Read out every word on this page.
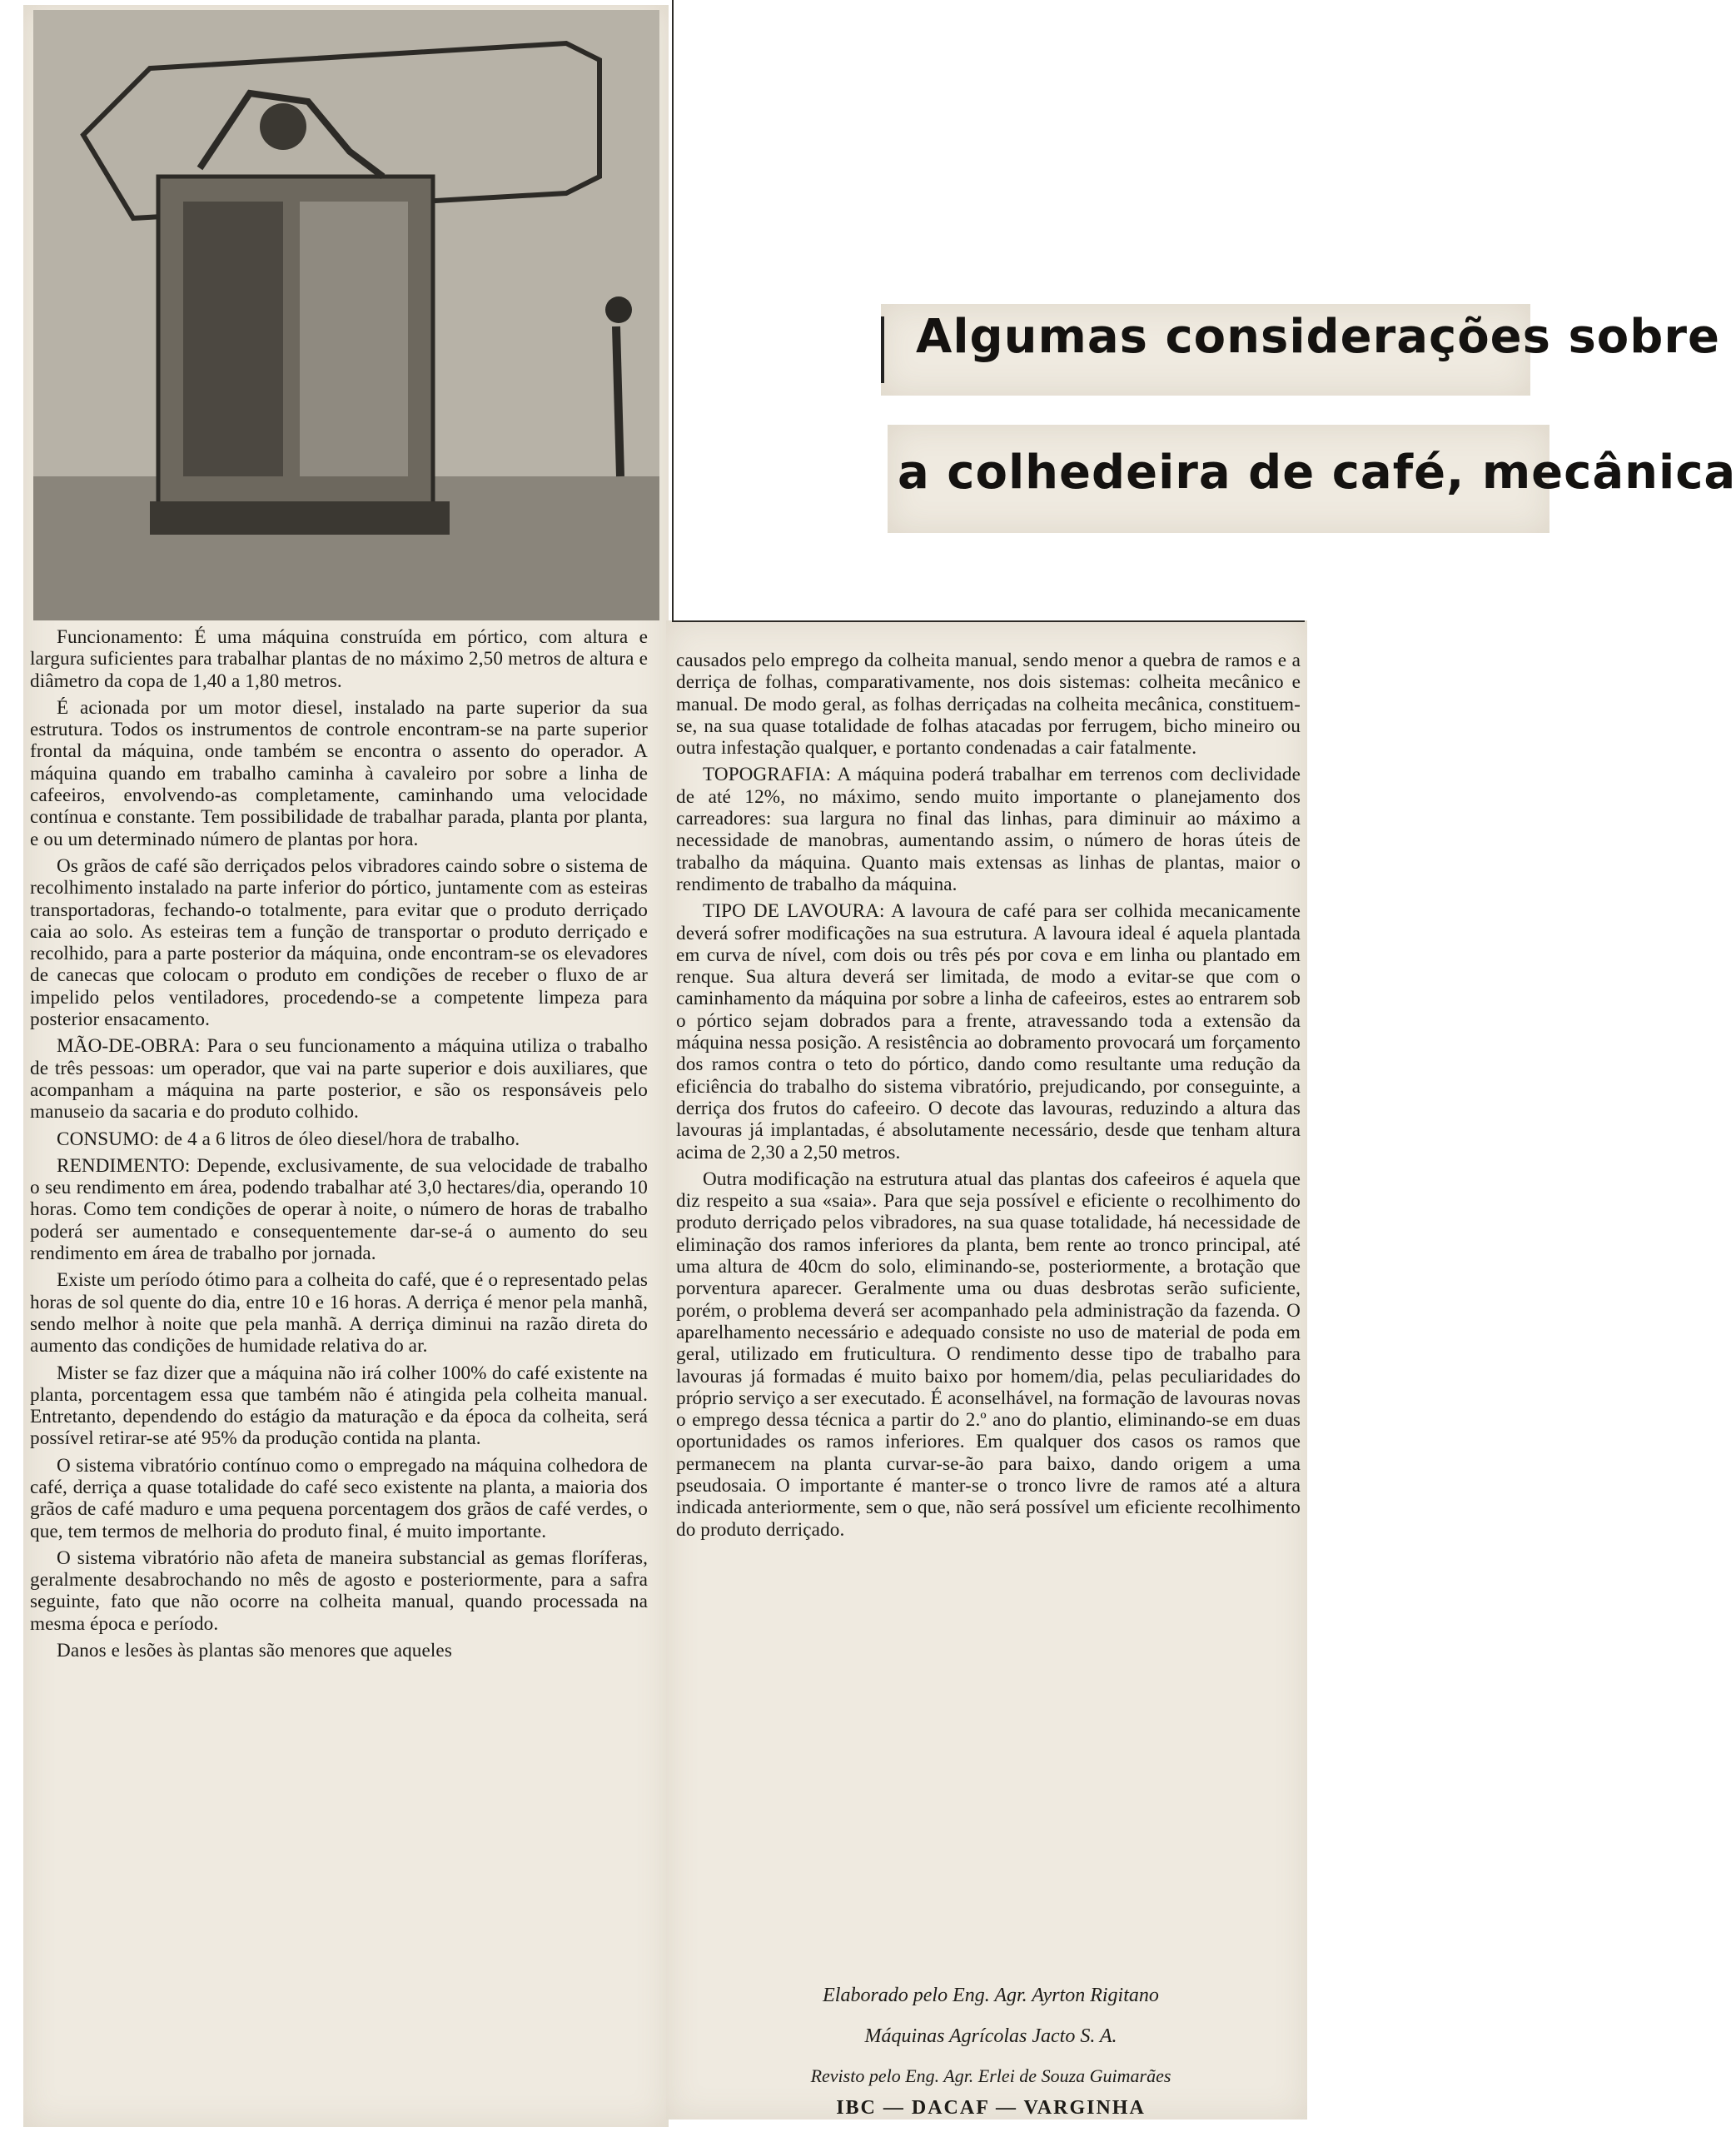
Algumas considerações sobre
a colhedeira de café, mecânica

Funcionamento: É uma máquina construída em pórtico, com altura e largura suficientes para trabalhar plantas de no máximo 2,50 metros de altura e diâmetro da copa de 1,40 a 1,80 metros.

É acionada por um motor diesel, instalado na parte superior da sua estrutura. Todos os instrumentos de controle encontram-se na parte superior frontal da máquina, onde também se encontra o assento do operador. A máquina quando em trabalho caminha à cavaleiro por sobre a linha de cafeeiros, envolvendo-as completamente, caminhando uma velocidade contínua e constante. Tem possibilidade de trabalhar parada, planta por planta, e ou um determinado número de plantas por hora.

Os grãos de café são derriçados pelos vibradores caindo sobre o sistema de recolhimento instalado na parte inferior do pórtico, juntamente com as esteiras transportadoras, fechando-o totalmente, para evitar que o produto derriçado caia ao solo. As esteiras tem a função de transportar o produto derriçado e recolhido, para a parte posterior da máquina, onde encontram-se os elevadores de canecas que colocam o produto em condições de receber o fluxo de ar impelido pelos ventiladores, procedendo-se a competente limpeza para posterior ensacamento.

MÃO-DE-OBRA: Para o seu funcionamento a máquina utiliza o trabalho de três pessoas: um operador, que vai na parte superior e dois auxiliares, que acompanham a máquina na parte posterior, e são os responsáveis pelo manuseio da sacaria e do produto colhido.

CONSUMO: de 4 a 6 litros de óleo diesel/hora de trabalho.

RENDIMENTO: Depende, exclusivamente, de sua velocidade de trabalho o seu rendimento em área, podendo trabalhar até 3,0 hectares/dia, operando 10 horas. Como tem condições de operar à noite, o número de horas de trabalho poderá ser aumentado e consequentemente dar-se-á o aumento do seu rendimento em área de trabalho por jornada.

Existe um período ótimo para a colheita do café, que é o representado pelas horas de sol quente do dia, entre 10 e 16 horas. A derriça é menor pela manhã, sendo melhor à noite que pela manhã. A derriça diminui na razão direta do aumento das condições de humidade relativa do ar.

Mister se faz dizer que a máquina não irá colher 100% do café existente na planta, porcentagem essa que também não é atingida pela colheita manual. Entretanto, dependendo do estágio da maturação e da época da colheita, será possível retirar-se até 95% da produção contida na planta.

O sistema vibratório contínuo como o empregado na máquina colhedora de café, derriça a quase totalidade do café seco existente na planta, a maioria dos grãos de café maduro e uma pequena porcentagem dos grãos de café verdes, o que, tem termos de melhoria do produto final, é muito importante.

O sistema vibratório não afeta de maneira substancial as gemas floríferas, geralmente desabrochando no mês de agosto e posteriormente, para a safra seguinte, fato que não ocorre na colheita manual, quando processada na mesma época e período.

Danos e lesões às plantas são menores que aqueles

causados pelo emprego da colheita manual, sendo menor a quebra de ramos e a derriça de folhas, comparativamente, nos dois sistemas: colheita mecânico e manual. De modo geral, as folhas derriçadas na colheita mecânica, constituem-se, na sua quase totalidade de folhas atacadas por ferrugem, bicho mineiro ou outra infestação qualquer, e portanto condenadas a cair fatalmente.

TOPOGRAFIA: A máquina poderá trabalhar em terrenos com declividade de até 12%, no máximo, sendo muito importante o planejamento dos carreadores: sua largura no final das linhas, para diminuir ao máximo a necessidade de manobras, aumentando assim, o número de horas úteis de trabalho da máquina. Quanto mais extensas as linhas de plantas, maior o rendimento de trabalho da máquina.

TIPO DE LAVOURA: A lavoura de café para ser colhida mecanicamente deverá sofrer modificações na sua estrutura. A lavoura ideal é aquela plantada em curva de nível, com dois ou três pés por cova e em linha ou plantado em renque. Sua altura deverá ser limitada, de modo a evitar-se que com o caminhamento da máquina por sobre a linha de cafeeiros, estes ao entrarem sob o pórtico sejam dobrados para a frente, atravessando toda a extensão da máquina nessa posição. A resistência ao dobramento provocará um forçamento dos ramos contra o teto do pórtico, dando como resultante uma redução da eficiência do trabalho do sistema vibratório, prejudicando, por conseguinte, a derriça dos frutos do cafeeiro. O decote das lavouras, reduzindo a altura das lavouras já implantadas, é absolutamente necessário, desde que tenham altura acima de 2,30 a 2,50 metros.

Outra modificação na estrutura atual das plantas dos cafeeiros é aquela que diz respeito a sua «saia». Para que seja possível e eficiente o recolhimento do produto derriçado pelos vibradores, na sua quase totalidade, há necessidade de eliminação dos ramos inferiores da planta, bem rente ao tronco principal, até uma altura de 40cm do solo, eliminando-se, posteriormente, a brotação que porventura aparecer. Geralmente uma ou duas desbrotas serão suficiente, porém, o problema deverá ser acompanhado pela administração da fazenda. O aparelhamento necessário e adequado consiste no uso de material de poda em geral, utilizado em fruticultura. O rendimento desse tipo de trabalho para lavouras já formadas é muito baixo por homem/dia, pelas peculiaridades do próprio serviço a ser executado. É aconselhável, na formação de lavouras novas o emprego dessa técnica a partir do 2.º ano do plantio, eliminando-se em duas oportunidades os ramos inferiores. Em qualquer dos casos os ramos que permanecem na planta curvar-se-ão para baixo, dando origem a uma pseudosaia. O importante é manter-se o tronco livre de ramos até a altura indicada anteriormente, sem o que, não será possível um eficiente recolhimento do produto derriçado.

Elaborado pelo Eng. Agr. Ayrton Rigitano
Máquinas Agrícolas Jacto S. A.
Revisto pelo Eng. Agr. Erlei de Souza Guimarães
IBC — DACAF — VARGINHA
